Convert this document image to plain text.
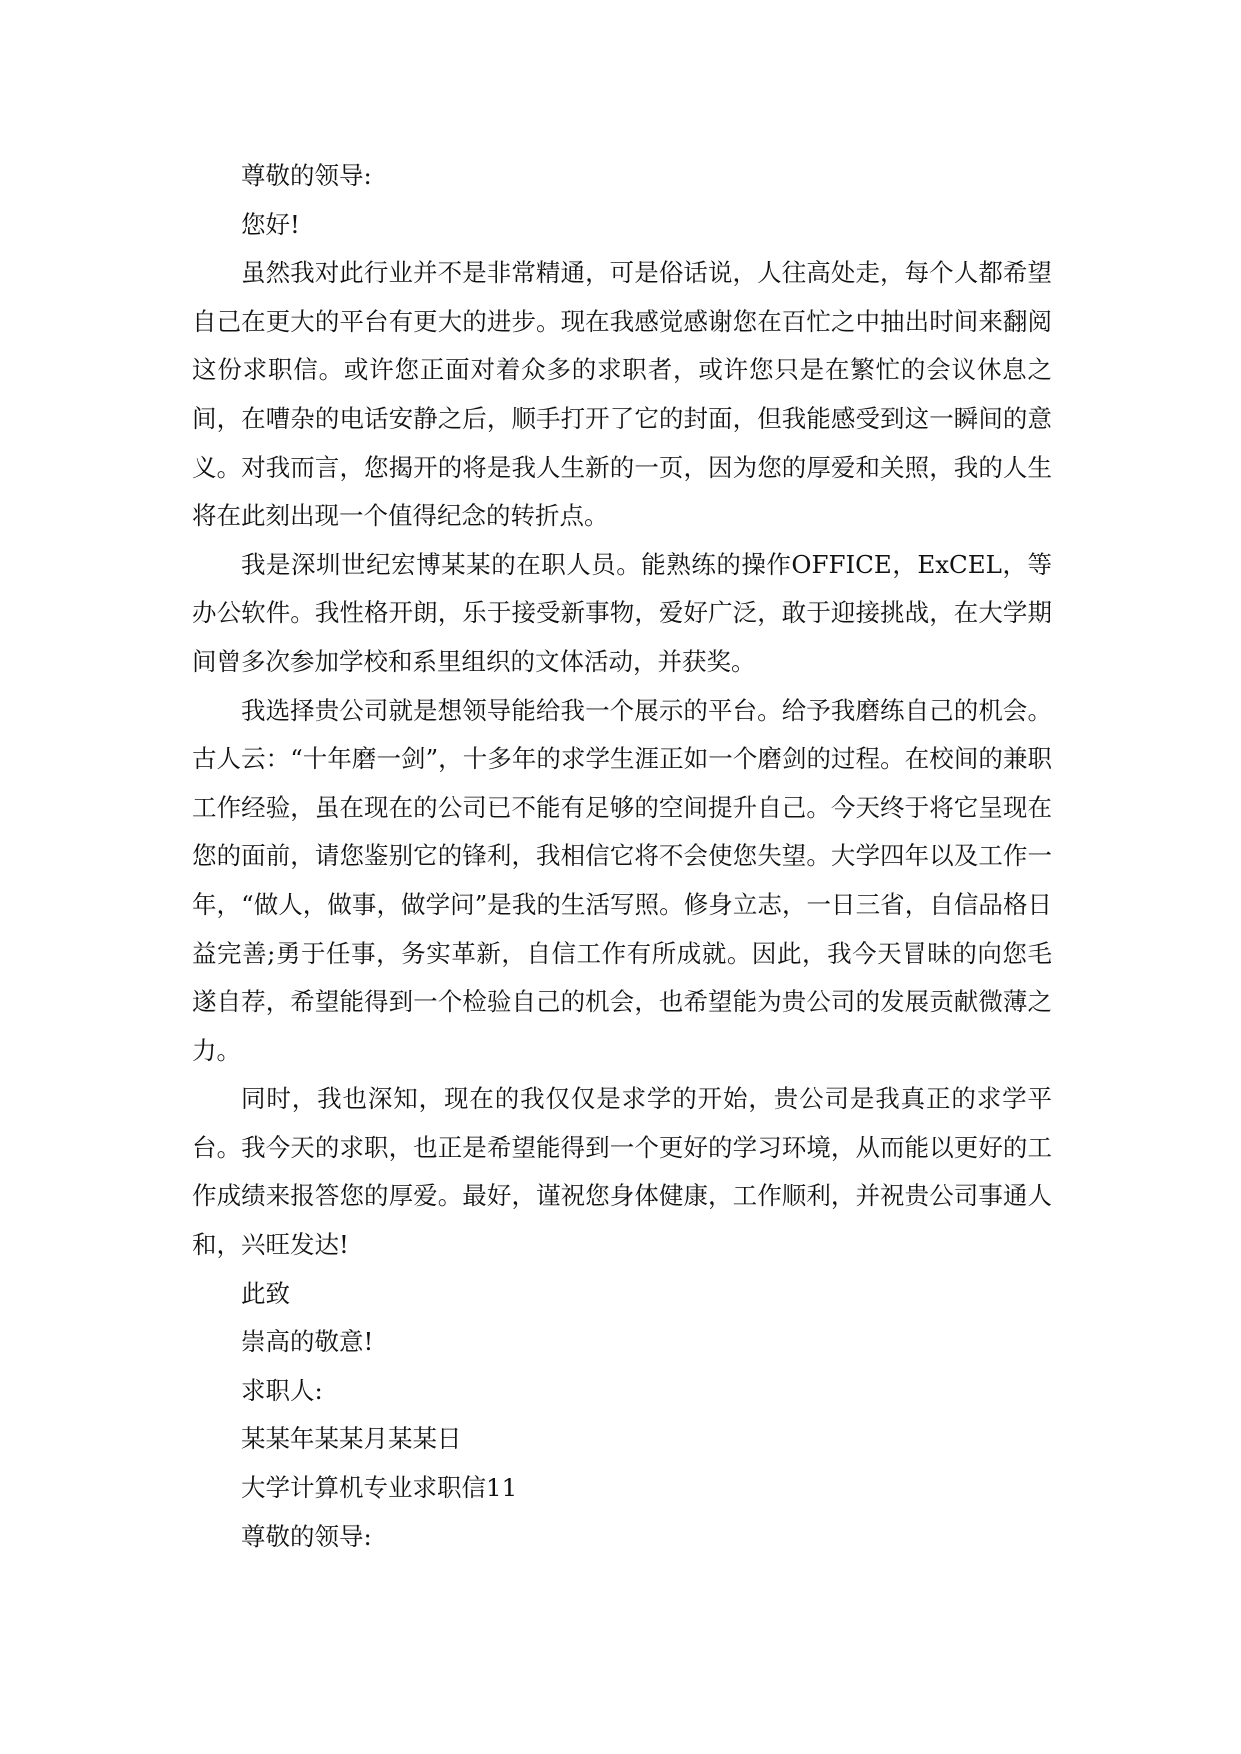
尊敬的领导:

您好!

虽然我对此行业并不是非常精通，可是俗话说，人往高处走，每个人都希望自己在更大的平台有更大的进步。现在我感觉感谢您在百忙之中抽出时间来翻阅这份求职信。或许您正面对着众多的求职者，或许您只是在繁忙的会议休息之间，在嘈杂的电话安静之后，顺手打开了它的封面，但我能感受到这一瞬间的意义。对我而言，您揭开的将是我人生新的一页，因为您的厚爱和关照，我的人生将在此刻出现一个值得纪念的转折点。

我是深圳世纪宏博某某的在职人员。能熟练的操作OFFICE，ExCEL，等办公软件。我性格开朗，乐于接受新事物，爱好广泛，敢于迎接挑战，在大学期间曾多次参加学校和系里组织的文体活动，并获奖。

我选择贵公司就是想领导能给我一个展示的平台。给予我磨练自己的机会。古人云：“十年磨一剑”，十多年的求学生涯正如一个磨剑的过程。在校间的兼职工作经验，虽在现在的公司已不能有足够的空间提升自己。今天终于将它呈现在您的面前，请您鉴别它的锋利，我相信它将不会使您失望。大学四年以及工作一年，“做人，做事，做学问”是我的生活写照。修身立志，一日三省，自信品格日益完善;勇于任事，务实革新，自信工作有所成就。因此，我今天冒昧的向您毛遂自荐，希望能得到一个检验自己的机会，也希望能为贵公司的发展贡献微薄之力。

同时，我也深知，现在的我仅仅是求学的开始，贵公司是我真正的求学平台。我今天的求职，也正是希望能得到一个更好的学习环境，从而能以更好的工作成绩来报答您的厚爱。最好，谨祝您身体健康，工作顺利，并祝贵公司事通人和，兴旺发达!

此致

崇高的敬意!

求职人:

某某年某某月某某日

大学计算机专业求职信11

尊敬的领导:
